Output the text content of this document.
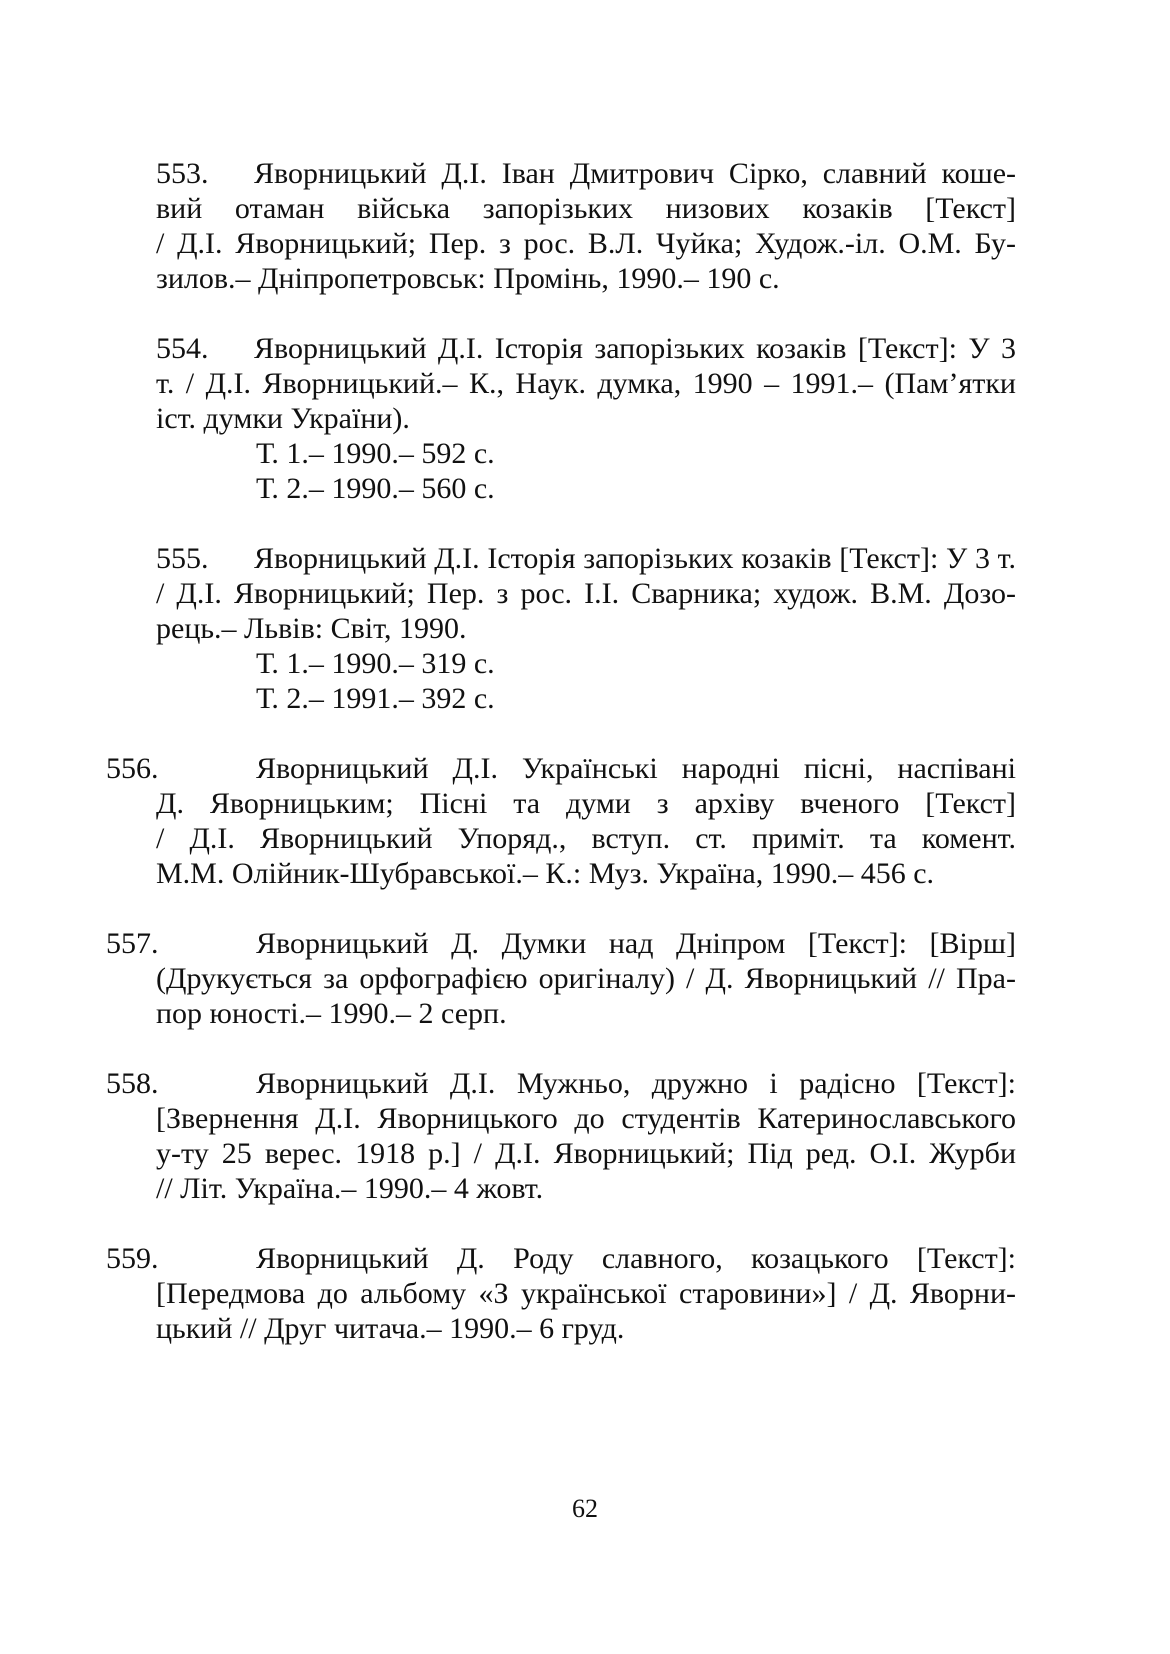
553. Яворницький Д.І. Іван Дмитрович Сірко, славний коше-
вий отаман війська запорізьких низових козаків [Текст]
/ Д.І. Яворницький; Пер. з рос. В.Л. Чуйка; Худож.-іл. О.М. Бу-
зилов.– Дніпропетровськ: Промінь, 1990.– 190 с.
554. Яворницький Д.І. Історія запорізьких козаків [Текст]: У 3
т. / Д.І. Яворницький.– К., Наук. думка, 1990 – 1991.– (Пам’ятки
іст. думки України).
Т. 1.– 1990.– 592 с.
Т. 2.– 1990.– 560 с.
555. Яворницький Д.І. Історія запорізьких козаків [Текст]: У 3 т.
/ Д.І. Яворницький; Пер. з рос. І.І. Сварника; худож. В.М. Дозо-
рець.– Львів: Світ, 1990.
Т. 1.– 1990.– 319 с.
Т. 2.– 1991.– 392 с.
556.	Яворницький Д.І. Українські народні пісні, наспівані
Д. Яворницьким; Пісні та думи з архіву вченого [Текст]
/ Д.І. Яворницький Упоряд., вступ. ст. приміт. та комент.
М.М. Олійник-Шубравської.– К.: Муз. Україна, 1990.– 456 с.
557.	Яворницький Д. Думки над Дніпром [Текст]: [Вірш]
(Друкується за орфографією оригіналу) / Д. Яворницький // Пра-
пор юності.– 1990.– 2 серп.
558.	Яворницький Д.І. Мужньо, дружно і радісно [Текст]:
[Звернення Д.І. Яворницького до студентів Катеринославського
у-ту 25 верес. 1918 р.] / Д.І. Яворницький; Під ред. О.І. Журби
// Літ. Україна.– 1990.– 4 жовт.
559.	Яворницький Д. Роду славного, козацького [Текст]:
[Передмова до альбому «З української старовини»] / Д. Яворни-
цький // Друг читача.– 1990.– 6 груд.
62
